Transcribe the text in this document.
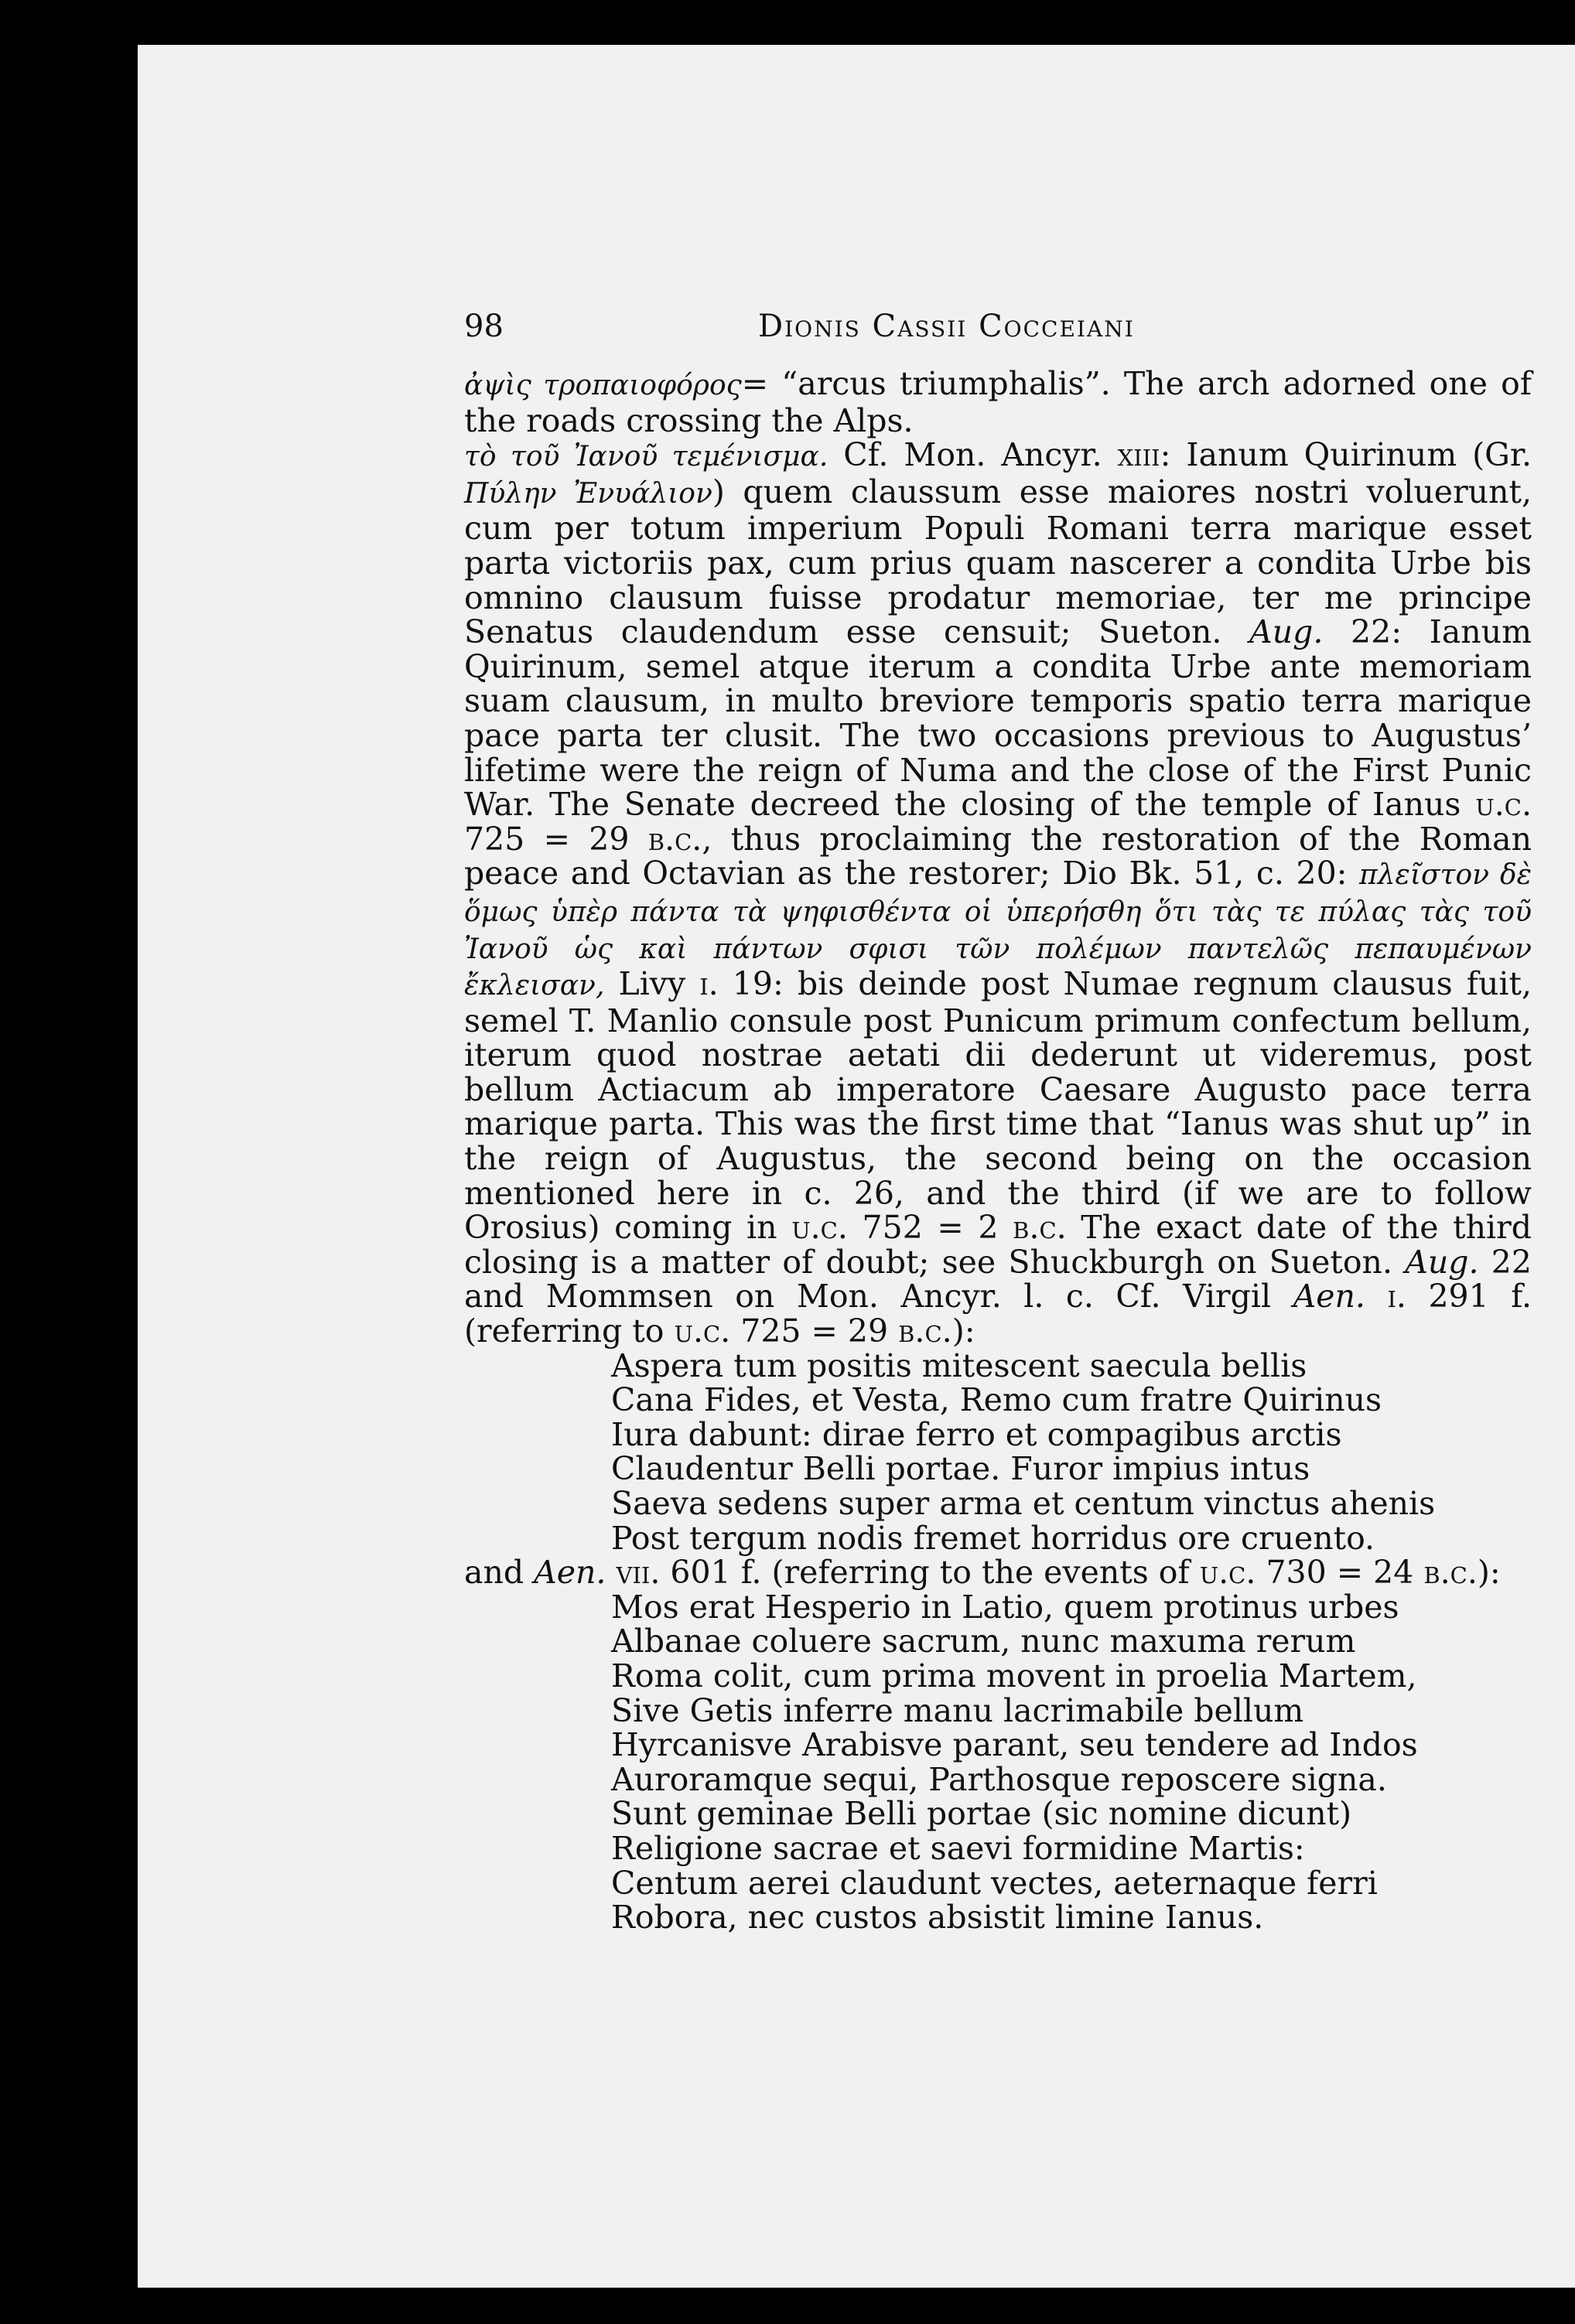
98	Dionis Cassii Cocceiani

ἀψὶς τροπαιοφόρος= “arcus triumphalis”. The arch adorned one of the roads crossing the Alps.

τὸ τοῦ Ἰανοῦ τεμένισμα. Cf. Mon. Ancyr. xiii: Ianum Quirinum (Gr. Πύλην Ἐνυάλιον) quem claussum esse maiores nostri voluerunt, cum per totum imperium Populi Romani terra marique esset parta victoriis pax, cum prius quam nascerer a condita Urbe bis omnino clausum fuisse prodatur memoriae, ter me principe Senatus claudendum esse censuit; Sueton. Aug. 22: Ianum Quirinum, semel atque iterum a condita Urbe ante memoriam suam clausum, in multo breviore temporis spatio terra marique pace parta ter clusit. The two occasions previous to Augustus’ lifetime were the reign of Numa and the close of the First Punic War. The Senate decreed the closing of the temple of Ianus u.c. 725 = 29 b.c., thus proclaiming the restoration of the Roman peace and Octavian as the restorer; Dio Bk. 51, c. 20: πλεῖστον δὲ ὅμως ὑπὲρ πάντα τὰ ψηφισθέντα οἱ ὑπερήσθη ὅτι τὰς τε πύλας τὰς τοῦ Ἰανοῦ ὡς καὶ πάντων σφισι τῶν πολέμων παντελῶς πεπαυμένων ἔκλεισαν, Livy i. 19: bis deinde post Numae regnum clausus fuit, semel T. Manlio consule post Punicum primum confectum bellum, iterum quod nostrae aetati dii dederunt ut videremus, post bellum Actiacum ab imperatore Caesare Augusto pace terra marique parta. This was the first time that “Ianus was shut up” in the reign of Augustus, the second being on the occasion mentioned here in c. 26, and the third (if we are to follow Orosius) coming in u.c. 752 = 2 b.c. The exact date of the third closing is a matter of doubt; see Shuckburgh on Sueton. Aug. 22 and Mommsen on Mon. Ancyr. l. c. Cf. Virgil Aen. i. 291 f. (referring to u.c. 725 = 29 b.c.):

Aspera tum positis mitescent saecula bellis
Cana Fides, et Vesta, Remo cum fratre Quirinus
Iura dabunt: dirae ferro et compagibus arctis
Claudentur Belli portae. Furor impius intus
Saeva sedens super arma et centum vinctus ahenis
Post tergum nodis fremet horridus ore cruento.

and Aen. vii. 601 f. (referring to the events of u.c. 730 = 24 b.c.):

Mos erat Hesperio in Latio, quem protinus urbes
Albanae coluere sacrum, nunc maxuma rerum
Roma colit, cum prima movent in proelia Martem,
Sive Getis inferre manu lacrimabile bellum
Hyrcanisve Arabisve parant, seu tendere ad Indos
Auroramque sequi, Parthosque reposcere signa.
Sunt geminae Belli portae (sic nomine dicunt)
Religione sacrae et saevi formidine Martis:
Centum aerei claudunt vectes, aeternaque ferri
Robora, nec custos absistit limine Ianus.
